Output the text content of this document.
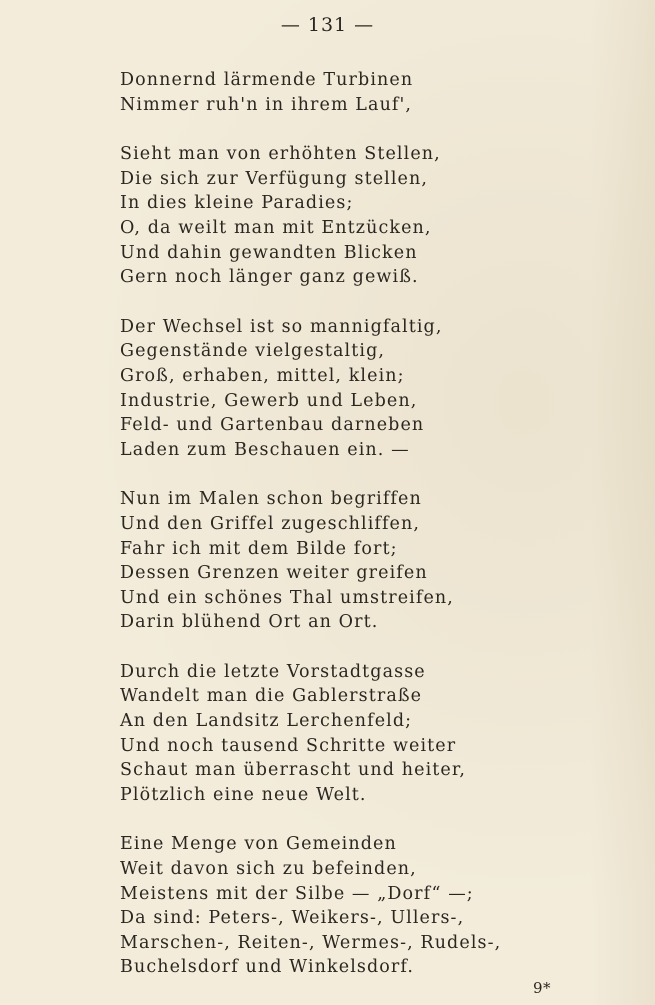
— 131 —
Donnernd lärmende Turbinen
Nimmer ruh'n in ihrem Lauf',
Sieht man von erhöhten Stellen,
Die sich zur Verfügung stellen,
In dies kleine Paradies;
O, da weilt man mit Entzücken,
Und dahin gewandten Blicken
Gern noch länger ganz gewiß.
Der Wechsel ist so mannigfaltig,
Gegenstände vielgestaltig,
Groß, erhaben, mittel, klein;
Industrie, Gewerb und Leben,
Feld- und Gartenbau darneben
Laden zum Beschauen ein. —
Nun im Malen schon begriffen
Und den Griffel zugeschliffen,
Fahr ich mit dem Bilde fort;
Dessen Grenzen weiter greifen
Und ein schönes Thal umstreifen,
Darin blühend Ort an Ort.
Durch die letzte Vorstadtgasse
Wandelt man die Gablerstraße
An den Landsitz Lerchenfeld;
Und noch tausend Schritte weiter
Schaut man überrascht und heiter,
Plötzlich eine neue Welt.
Eine Menge von Gemeinden
Weit davon sich zu befeinden,
Meistens mit der Silbe — „Dorf“ —;
Da sind: Peters-, Weikers-, Ullers-,
Marschen-, Reiten-, Wermes-, Rudels-,
Buchelsdorf und Winkelsdorf.
9*
